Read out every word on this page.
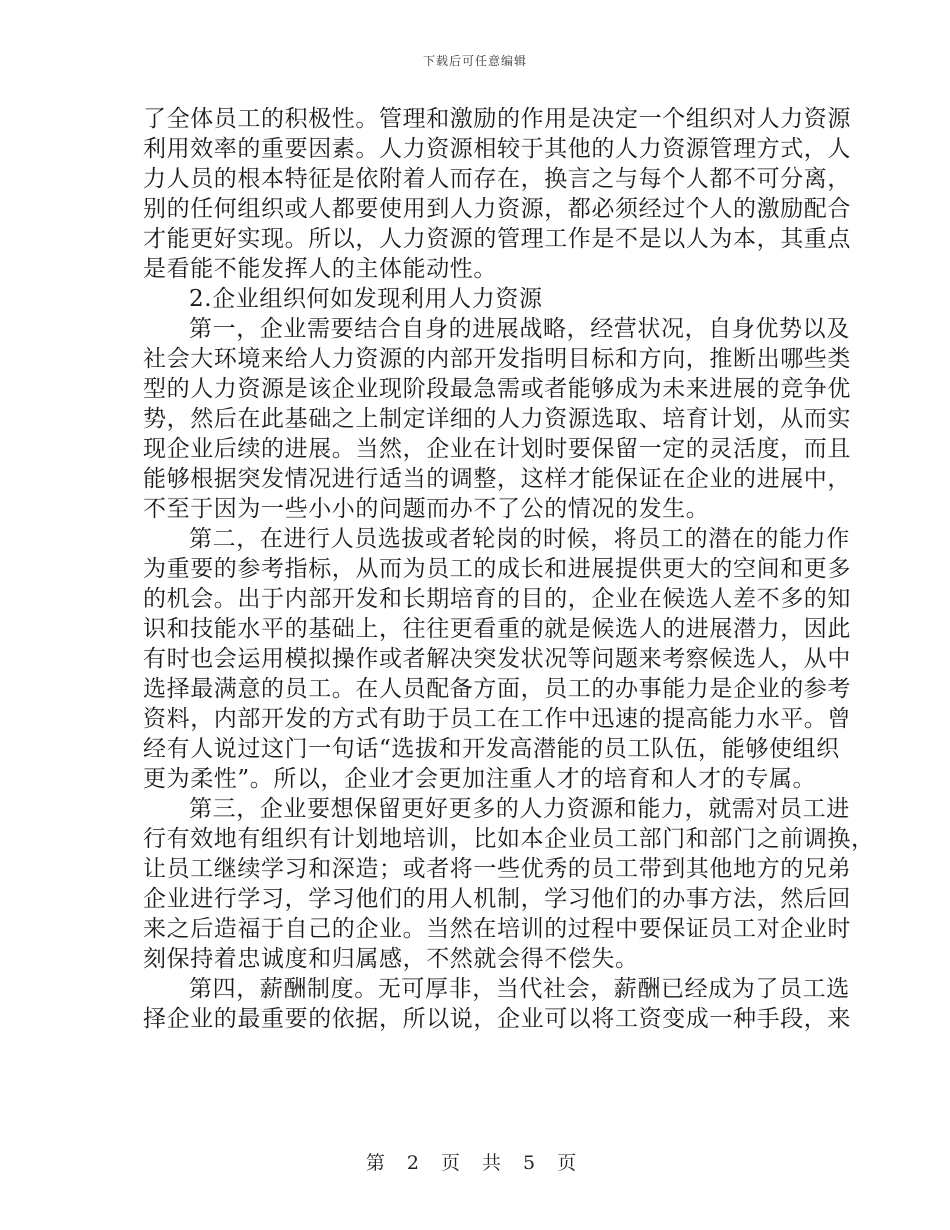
下载后可任意编辑
了全体员工的积极性。管理和激励的作用是决定一个组织对人力资源
利用效率的重要因素。人力资源相较于其他的人力资源管理方式，人
力人员的根本特征是依附着人而存在，换言之与每个人都不可分离，
别的任何组织或人都要使用到人力资源，都必须经过个人的激励配合
才能更好实现。所以，人力资源的管理工作是不是以人为本，其重点
是看能不能发挥人的主体能动性。
2.企业组织何如发现利用人力资源
第一，企业需要结合自身的进展战略，经营状况，自身优势以及
社会大环境来给人力资源的内部开发指明目标和方向，推断出哪些类
型的人力资源是该企业现阶段最急需或者能够成为未来进展的竞争优
势，然后在此基础之上制定详细的人力资源选取、培育计划，从而实
现企业后续的进展。当然，企业在计划时要保留一定的灵活度，而且
能够根据突发情况进行适当的调整，这样才能保证在企业的进展中，
不至于因为一些小小的问题而办不了公的情况的发生。
第二，在进行人员选拔或者轮岗的时候，将员工的潜在的能力作
为重要的参考指标，从而为员工的成长和进展提供更大的空间和更多
的机会。出于内部开发和长期培育的目的，企业在候选人差不多的知
识和技能水平的基础上，往往更看重的就是候选人的进展潜力，因此
有时也会运用模拟操作或者解决突发状况等问题来考察候选人，从中
选择最满意的员工。在人员配备方面，员工的办事能力是企业的参考
资料，内部开发的方式有助于员工在工作中迅速的提高能力水平。曾
经有人说过这门一句话“选拔和开发高潜能的员工队伍，能够使组织
更为柔性”。所以，企业才会更加注重人才的培育和人才的专属。
第三，企业要想保留更好更多的人力资源和能力，就需对员工进
行有效地有组织有计划地培训，比如本企业员工部门和部门之前调换，
让员工继续学习和深造；或者将一些优秀的员工带到其他地方的兄弟
企业进行学习，学习他们的用人机制，学习他们的办事方法，然后回
来之后造福于自己的企业。当然在培训的过程中要保证员工对企业时
刻保持着忠诚度和归属感，不然就会得不偿失。
第四，薪酬制度。无可厚非，当代社会，薪酬已经成为了员工选
择企业的最重要的依据，所以说，企业可以将工资变成一种手段，来
第 2 页 共 5 页
